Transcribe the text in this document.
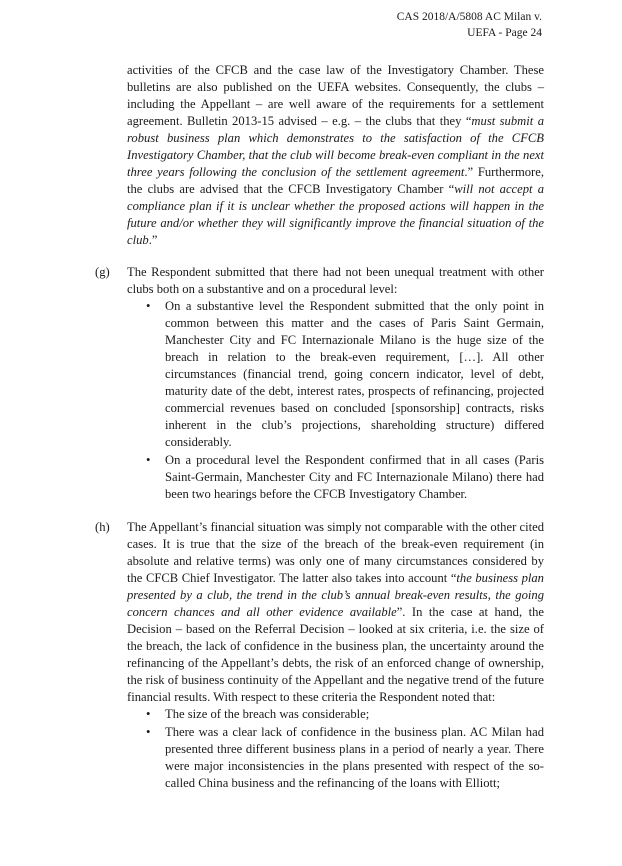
CAS 2018/A/5808 AC Milan v.
UEFA - Page 24
activities of the CFCB and the case law of the Investigatory Chamber. These bulletins are also published on the UEFA websites. Consequently, the clubs – including the Appellant – are well aware of the requirements for a settlement agreement. Bulletin 2013-15 advised – e.g. – the clubs that they “must submit a robust business plan which demonstrates to the satisfaction of the CFCB Investigatory Chamber, that the club will become break-even compliant in the next three years following the conclusion of the settlement agreement.” Furthermore, the clubs are advised that the CFCB Investigatory Chamber “will not accept a compliance plan if it is unclear whether the proposed actions will happen in the future and/or whether they will significantly improve the financial situation of the club.”
(g)	The Respondent submitted that there had not been unequal treatment with other clubs both on a substantive and on a procedural level:
• On a substantive level the Respondent submitted that the only point in common between this matter and the cases of Paris Saint Germain, Manchester City and FC Internazionale Milano is the huge size of the breach in relation to the break-even requirement, […]. All other circumstances (financial trend, going concern indicator, level of debt, maturity date of the debt, interest rates, prospects of refinancing, projected commercial revenues based on concluded [sponsorship] contracts, risks inherent in the club’s projections, shareholding structure) differed considerably.
• On a procedural level the Respondent confirmed that in all cases (Paris Saint-Germain, Manchester City and FC Internazionale Milano) there had been two hearings before the CFCB Investigatory Chamber.
(h)	The Appellant’s financial situation was simply not comparable with the other cited cases. It is true that the size of the breach of the break-even requirement (in absolute and relative terms) was only one of many circumstances considered by the CFCB Chief Investigator. The latter also takes into account “the business plan presented by a club, the trend in the club’s annual break-even results, the going concern chances and all other evidence available”. In the case at hand, the Decision – based on the Referral Decision – looked at six criteria, i.e. the size of the breach, the lack of confidence in the business plan, the uncertainty around the refinancing of the Appellant’s debts, the risk of an enforced change of ownership, the risk of business continuity of the Appellant and the negative trend of the future financial results. With respect to these criteria the Respondent noted that:
• The size of the breach was considerable;
• There was a clear lack of confidence in the business plan. AC Milan had presented three different business plans in a period of nearly a year. There were major inconsistencies in the plans presented with respect of the so-called China business and the refinancing of the loans with Elliott;
